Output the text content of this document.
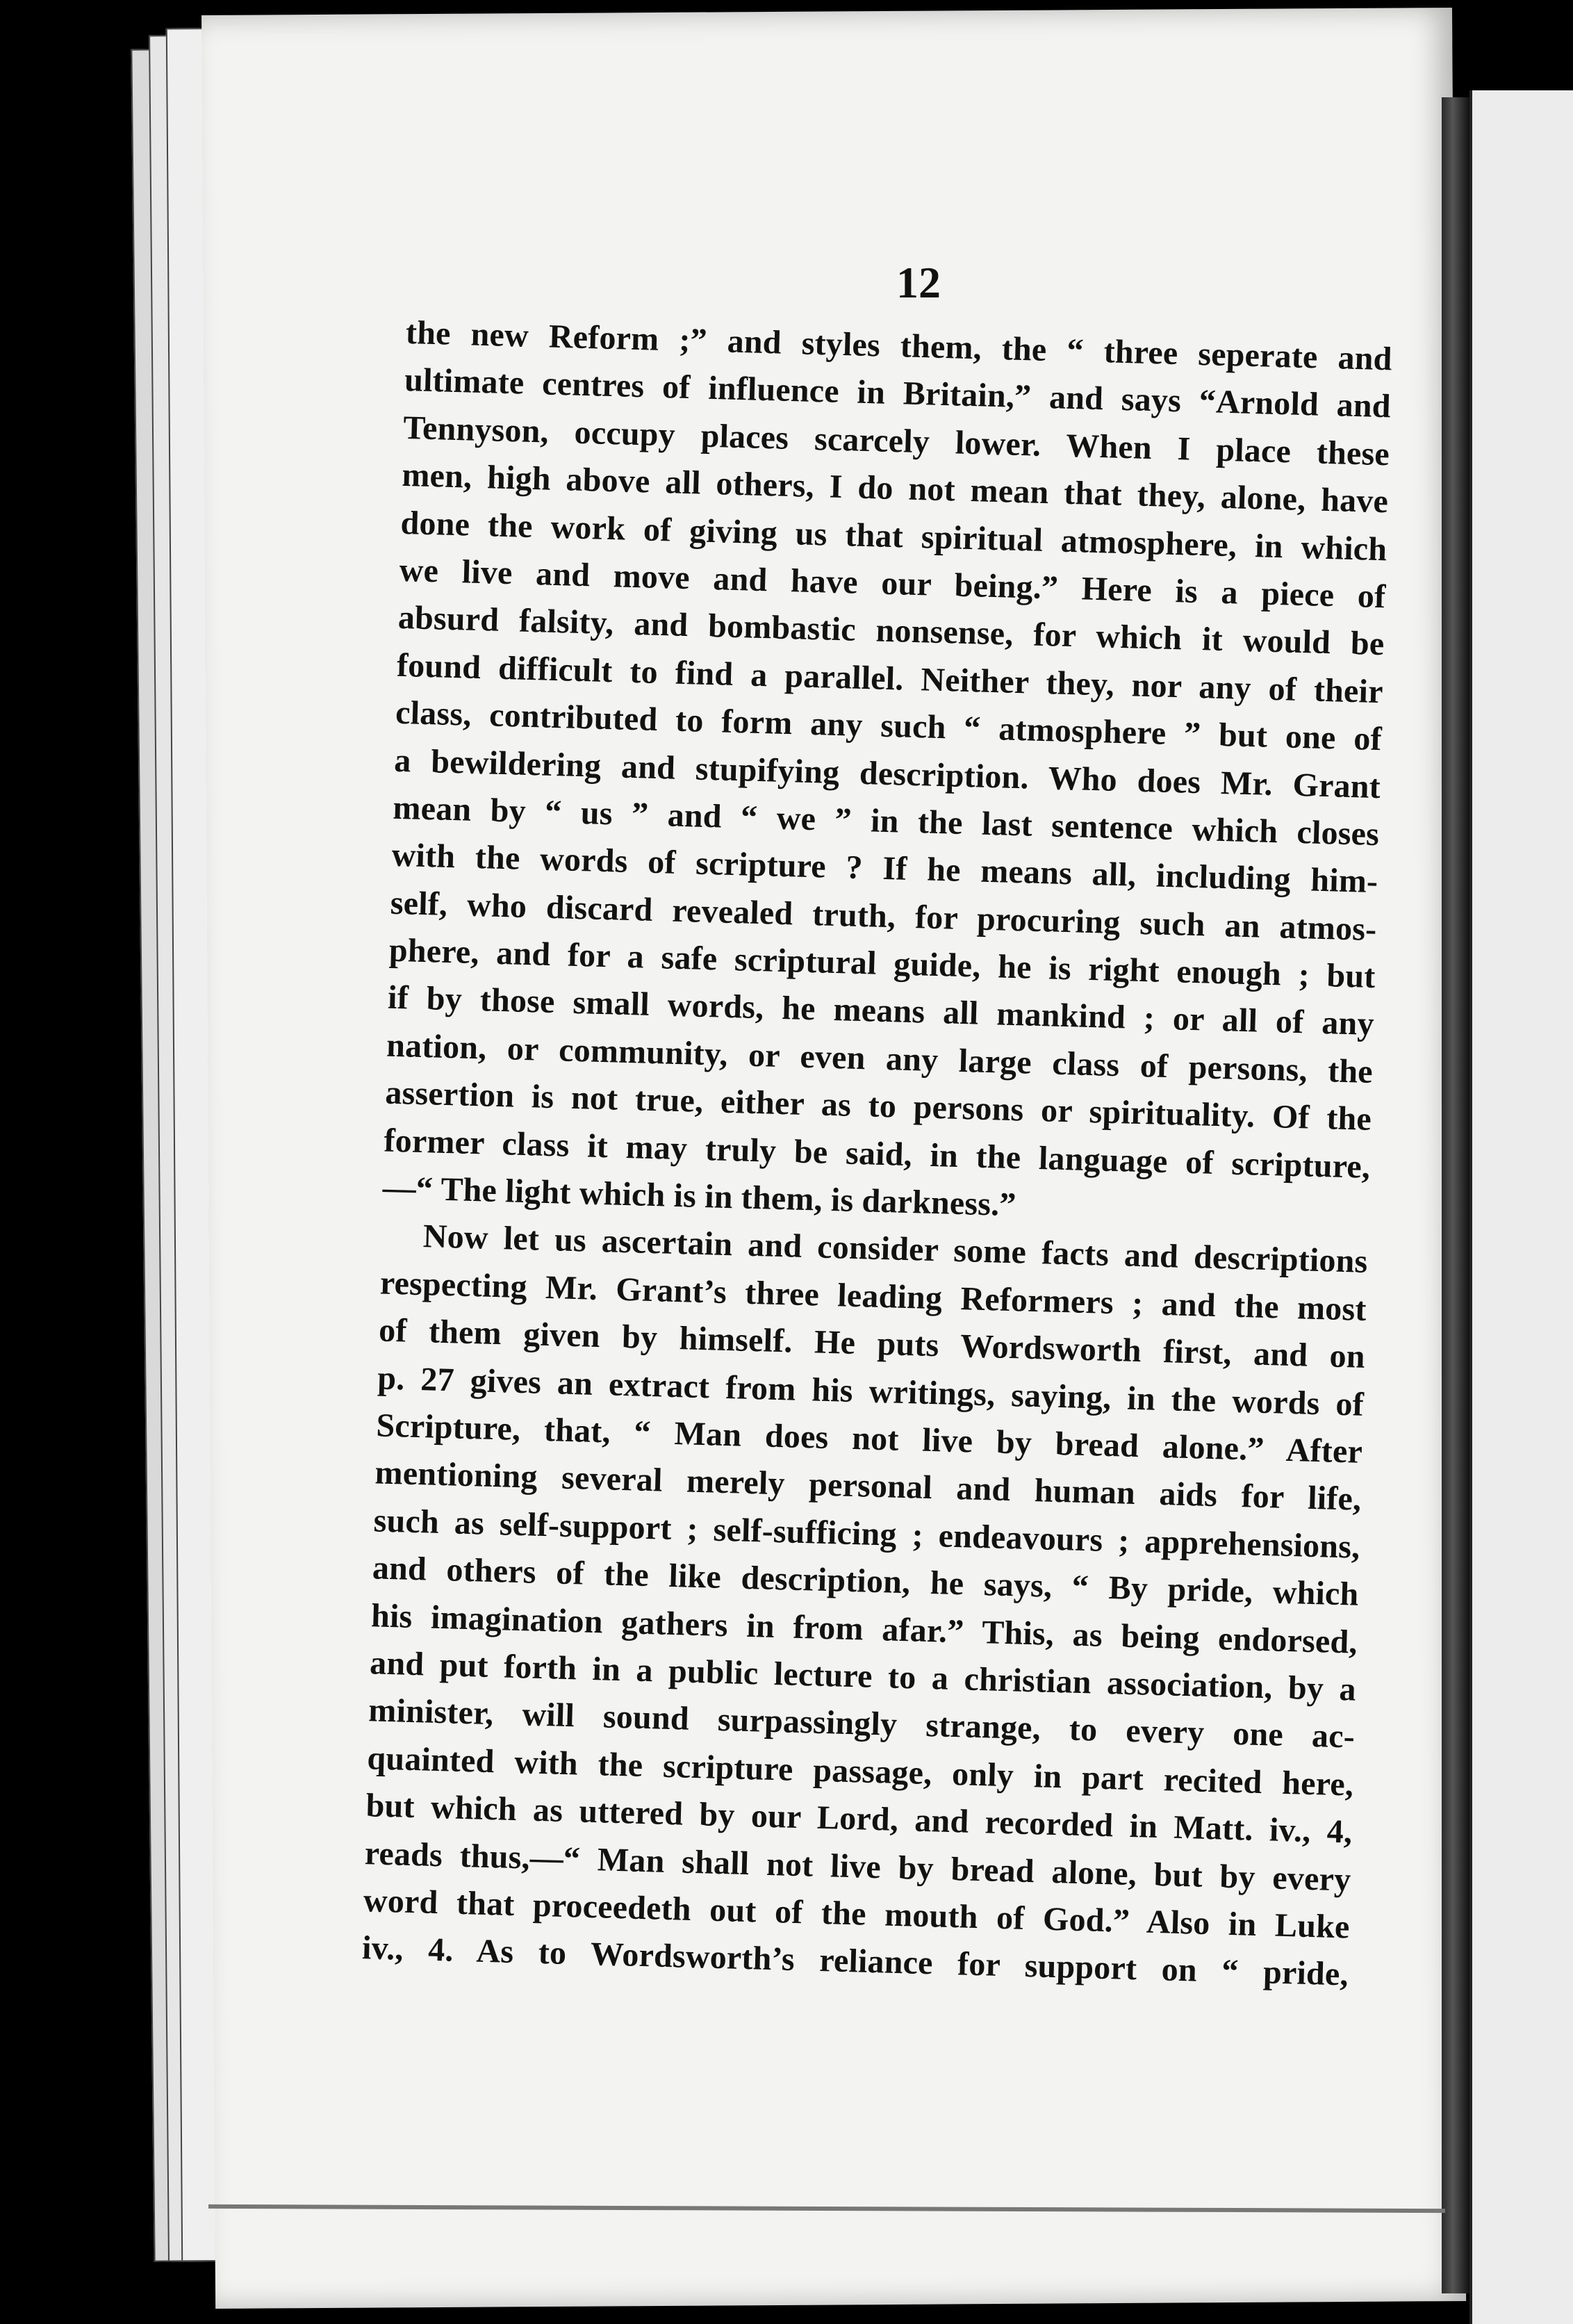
12
the new Reform ;” and styles them, the “ three seperate and
ultimate centres of influence in Britain,” and says “Arnold and
Tennyson, occupy places scarcely lower. When I place these
men, high above all others, I do not mean that they, alone, have
done the work of giving us that spiritual atmosphere, in which
we live and move and have our being.” Here is a piece of
absurd falsity, and bombastic nonsense, for which it would be
found difficult to find a parallel. Neither they, nor any of their
class, contributed to form any such “ atmosphere ” but one of
a bewildering and stupifying description. Who does Mr. Grant
mean by “ us ” and “ we ” in the last sentence which closes
with the words of scripture ? If he means all, including him-
self, who discard revealed truth, for procuring such an atmos-
phere, and for a safe scriptural guide, he is right enough ; but
if by those small words, he means all mankind ; or all of any
nation, or community, or even any large class of persons, the
assertion is not true, either as to persons or spirituality. Of the
former class it may truly be said, in the language of scripture,
—“ The light which is in them, is darkness.”
Now let us ascertain and consider some facts and descriptions
respecting Mr. Grant’s three leading Reformers ; and the most
of them given by himself. He puts Wordsworth first, and on
p. 27 gives an extract from his writings, saying, in the words of
Scripture, that, “ Man does not live by bread alone.” After
mentioning several merely personal and human aids for life,
such as self-support ; self-sufficing ; endeavours ; apprehensions,
and others of the like description, he says, “ By pride, which
his imagination gathers in from afar.” This, as being endorsed,
and put forth in a public lecture to a christian association, by a
minister, will sound surpassingly strange, to every one ac-
quainted with the scripture passage, only in part recited here,
but which as uttered by our Lord, and recorded in Matt. iv., 4,
reads thus,—“ Man shall not live by bread alone, but by every
word that proceedeth out of the mouth of God.” Also in Luke
iv., 4. As to Wordsworth’s reliance for support on “ pride,
